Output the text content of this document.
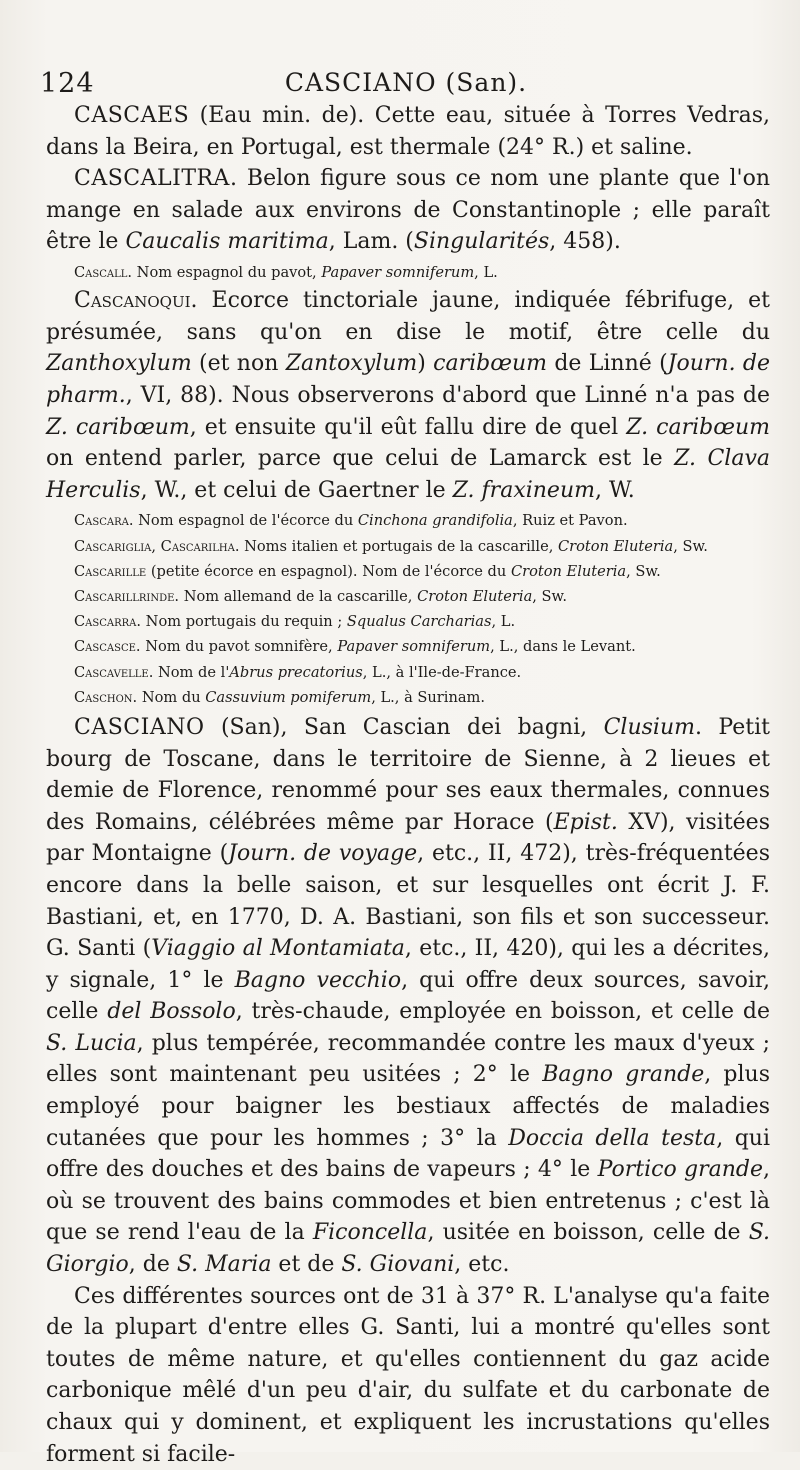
124	CASCIANO (San).

CASCAES (Eau min. de). Cette eau, située à Torres Vedras, dans la Beira, en Portugal, est thermale (24° R.) et saline.

CASCALITRA. Belon figure sous ce nom une plante que l'on mange en salade aux environs de Constantinople ; elle paraît être le Caucalis maritima, Lam. (Singularités, 458).

Cascall. Nom espagnol du pavot, Papaver somniferum, L.

Cascanoqui. Ecorce tinctoriale jaune, indiquée fébrifuge, et présumée, sans qu'on en dise le motif, être celle du Zanthoxylum (et non Zantoxylum) caribœum de Linné (Journ. de pharm., VI, 88). Nous observerons d'abord que Linné n'a pas de Z. caribœum, et ensuite qu'il eût fallu dire de quel Z. caribœum on entend parler, parce que celui de Lamarck est le Z. Clava Herculis, W., et celui de Gaertner le Z. fraxineum, W.

Cascara. Nom espagnol de l'écorce du Cinchona grandifolia, Ruiz et Pavon.

Cascariglia, Cascarilha. Noms italien et portugais de la cascarille, Croton Eluteria, Sw.

Cascarille (petite écorce en espagnol). Nom de l'écorce du Croton Eluteria, Sw.

Cascarillrinde. Nom allemand de la cascarille, Croton Eluteria, Sw.

Cascarra. Nom portugais du requin ; Squalus Carcharias, L.

Cascasce. Nom du pavot somnifère, Papaver somniferum, L., dans le Levant.

Cascavelle. Nom de l'Abrus precatorius, L., à l'Ile-de-France.

Caschon. Nom du Cassuvium pomiferum, L., à Surinam.

CASCIANO (San), San Cascian dei bagni, Clusium. Petit bourg de Toscane, dans le territoire de Sienne, à 2 lieues et demie de Florence, renommé pour ses eaux thermales, connues des Romains, célébrées même par Horace (Epist. XV), visitées par Montaigne (Journ. de voyage, etc., II, 472), très-fréquentées encore dans la belle saison, et sur lesquelles ont écrit J. F. Bastiani, et, en 1770, D. A. Bastiani, son fils et son successeur. G. Santi (Viaggio al Montamiata, etc., II, 420), qui les a décrites, y signale, 1° le Bagno vecchio, qui offre deux sources, savoir, celle del Bossolo, très-chaude, employée en boisson, et celle de S. Lucia, plus tempérée, recommandée contre les maux d'yeux ; elles sont maintenant peu usitées ; 2° le Bagno grande, plus employé pour baigner les bestiaux affectés de maladies cutanées que pour les hommes ; 3° la Doccia della testa, qui offre des douches et des bains de vapeurs ; 4° le Portico grande, où se trouvent des bains commodes et bien entretenus ; c'est là que se rend l'eau de la Ficoncella, usitée en boisson, celle de S. Giorgio, de S. Maria et de S. Giovani, etc.

Ces différentes sources ont de 31 à 37° R. L'analyse qu'a faite de la plupart d'entre elles G. Santi, lui a montré qu'elles sont toutes de même nature, et qu'elles contiennent du gaz acide carbonique mêlé d'un peu d'air, du sulfate et du carbonate de chaux qui y dominent, et expliquent les incrustations qu'elles forment si facile-
